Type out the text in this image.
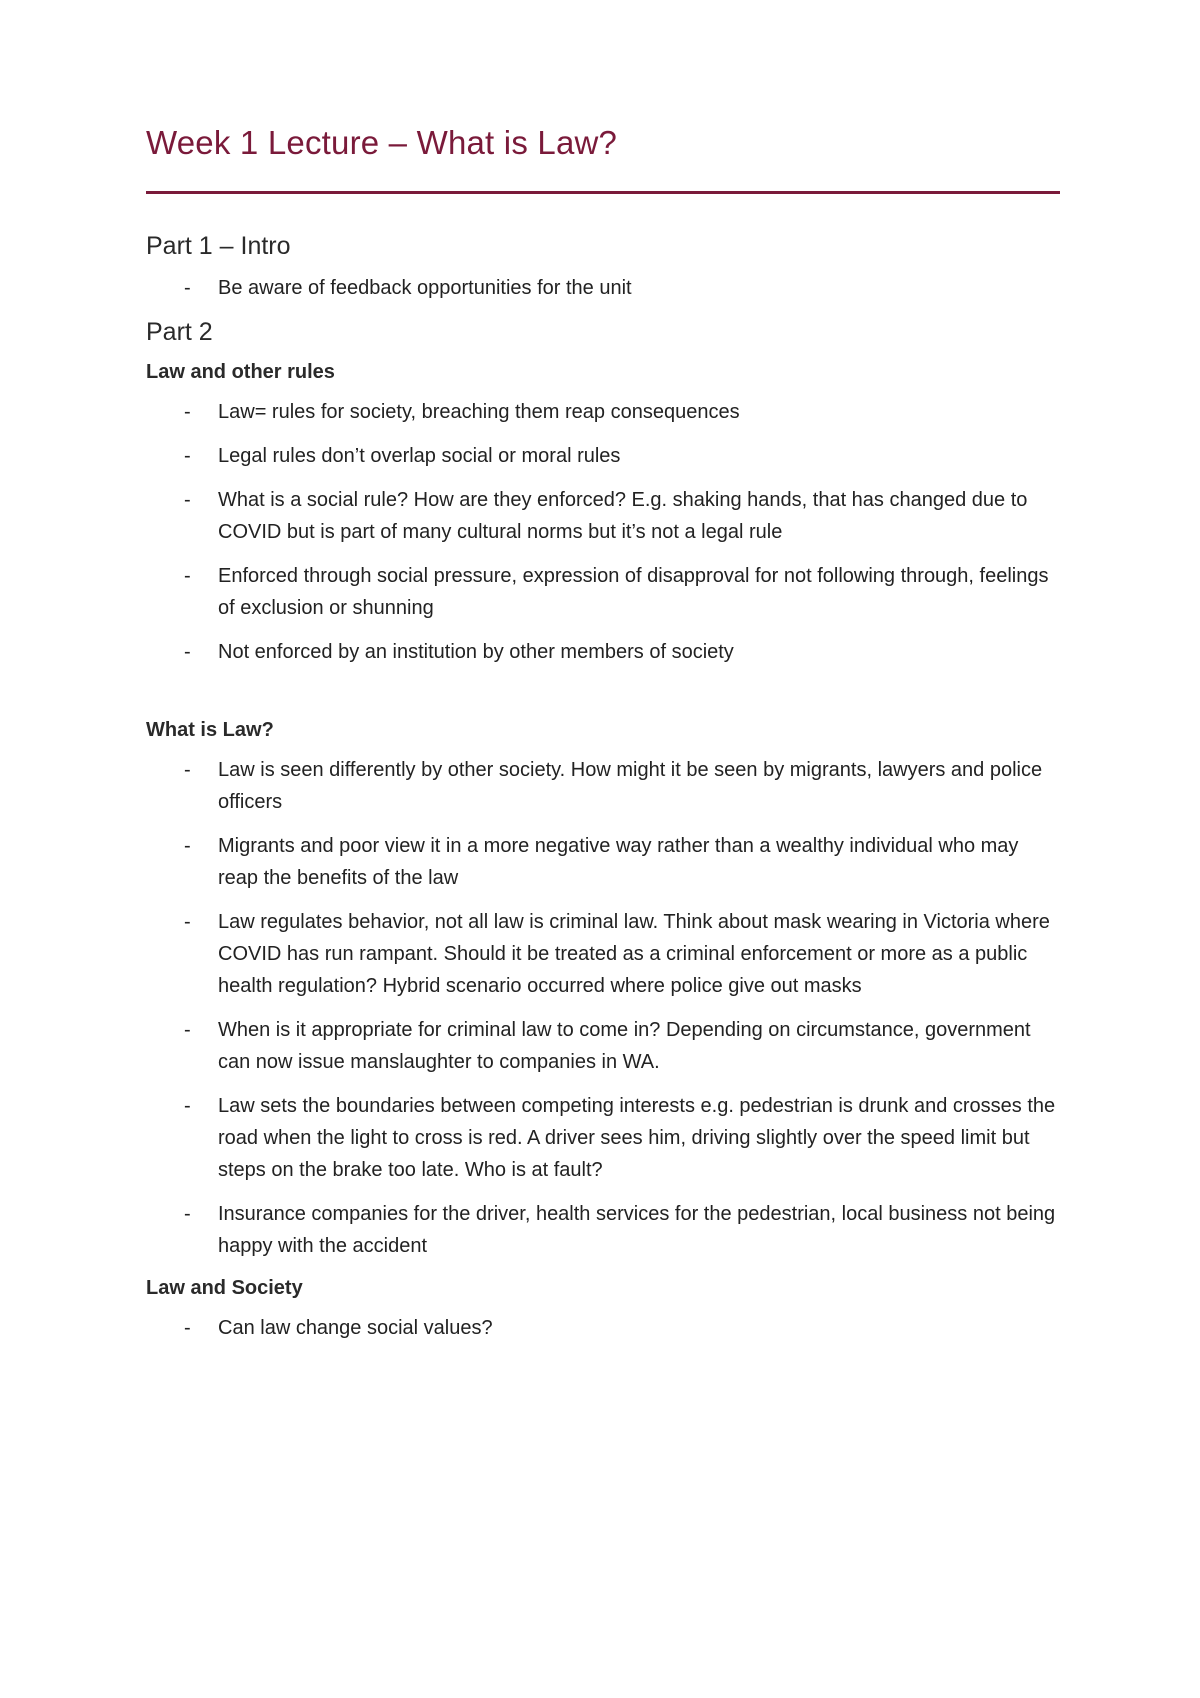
Week 1 Lecture – What is Law?
Part 1 – Intro
- Be aware of feedback opportunities for the unit
Part 2
Law and other rules
- Law= rules for society, breaching them reap consequences
- Legal rules don’t overlap social or moral rules
- What is a social rule? How are they enforced? E.g. shaking hands, that has changed due to COVID but is part of many cultural norms but it’s not a legal rule
- Enforced through social pressure, expression of disapproval for not following through, feelings of exclusion or shunning
- Not enforced by an institution by other members of society
What is Law?
- Law is seen differently by other society. How might it be seen by migrants, lawyers and police officers
- Migrants and poor view it in a more negative way rather than a wealthy individual who may reap the benefits of the law
- Law regulates behavior, not all law is criminal law. Think about mask wearing in Victoria where COVID has run rampant. Should it be treated as a criminal enforcement or more as a public health regulation? Hybrid scenario occurred where police give out masks
- When is it appropriate for criminal law to come in? Depending on circumstance, government can now issue manslaughter to companies in WA.
- Law sets the boundaries between competing interests e.g. pedestrian is drunk and crosses the road when the light to cross is red. A driver sees him, driving slightly over the speed limit but steps on the brake too late. Who is at fault?
- Insurance companies for the driver, health services for the pedestrian, local business not being happy with the accident
Law and Society
- Can law change social values?
